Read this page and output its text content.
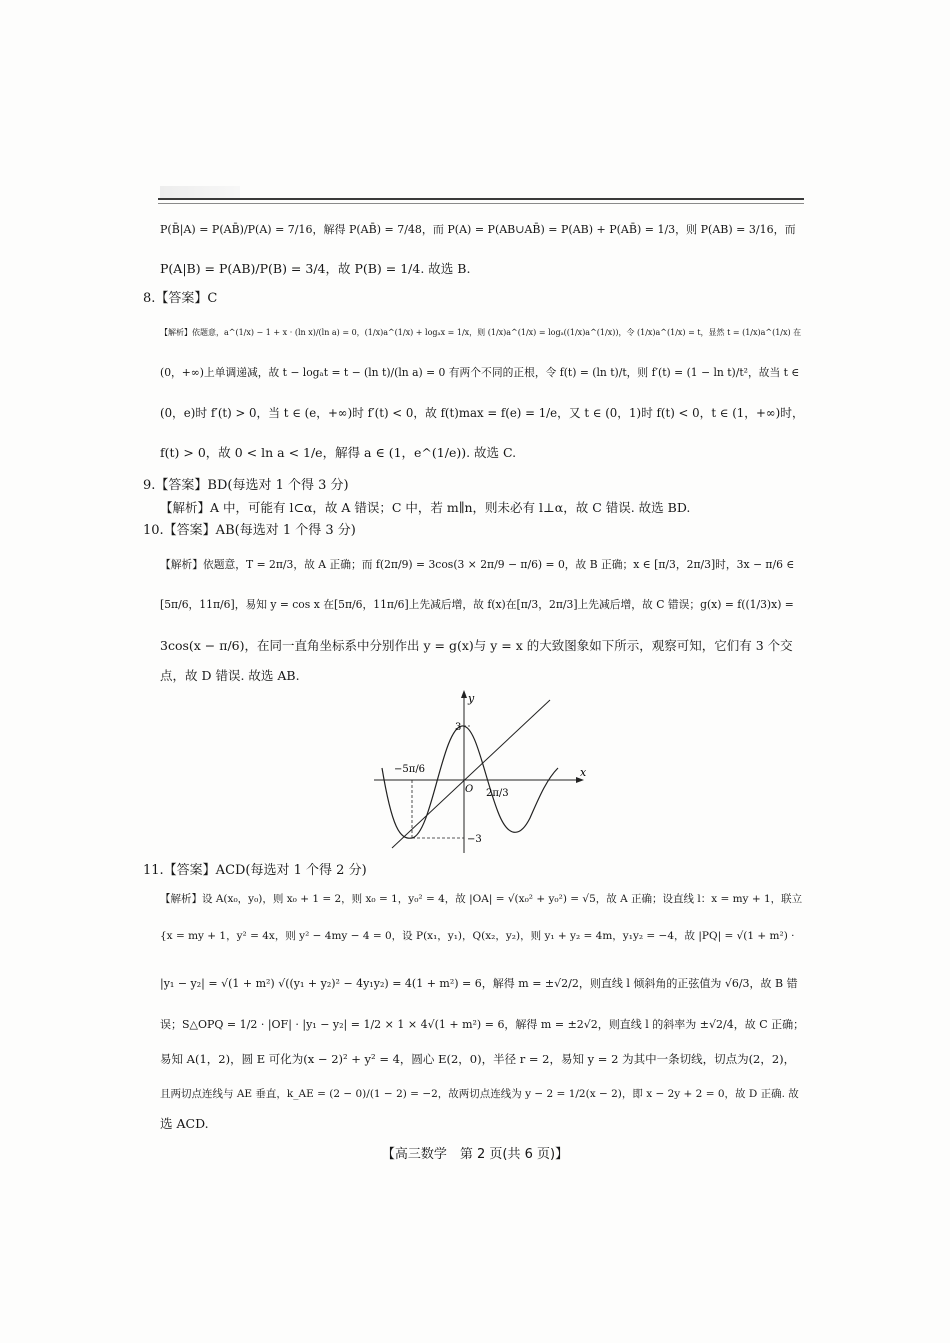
P(B̄|A) = P(AB̄)/P(A) = 7/16，解得 P(AB̄) = 7/48，而 P(A) = P(AB∪AB̄) = P(AB) + P(AB̄) = 1/3，则 P(AB) = 3/16，而
P(A|B) = P(AB)/P(B) = 3/4，故 P(B) = 1/4. 故选 B.
8.【答案】C
【解析】依题意，a^(1/x) − 1 + x · (ln x)/(ln a) = 0，(1/x)a^(1/x) + logₐx = 1/x，则 (1/x)a^(1/x) = logₐ((1/x)a^(1/x))，令 (1/x)a^(1/x) = t，显然 t = (1/x)a^(1/x) 在
(0，+∞)上单调递减，故 t − logₐt = t − (ln t)/(ln a) = 0 有两个不同的正根，令 f(t) = (ln t)/t，则 f′(t) = (1 − ln t)/t²，故当 t ∈
(0，e)时 f′(t) > 0，当 t ∈ (e，+∞)时 f′(t) < 0，故 f(t)max = f(e) = 1/e，又 t ∈ (0，1)时 f(t) < 0，t ∈ (1，+∞)时，
f(t) > 0，故 0 < ln a < 1/e，解得 a ∈ (1，e^(1/e)). 故选 C.
9.【答案】BD(每选对 1 个得 3 分)
【解析】A 中，可能有 l⊂α，故 A 错误；C 中，若 m∥n，则未必有 l⊥α，故 C 错误. 故选 BD.
10.【答案】AB(每选对 1 个得 3 分)
【解析】依题意，T = 2π/3，故 A 正确；而 f(2π/9) = 3cos(3 × 2π/9 − π/6) = 0，故 B 正确；x ∈ [π/3，2π/3]时，3x − π/6 ∈
[5π/6，11π/6]，易知 y = cos x 在[5π/6，11π/6]上先减后增，故 f(x)在[π/3，2π/3]上先减后增，故 C 错误；g(x) = f((1/3)x) =
3cos(x − π/6)，在同一直角坐标系中分别作出 y = g(x)与 y = x 的大致图象如下所示，观察可知，它们有 3 个交
点，故 D 错误. 故选 AB.
y
x
O
3
−3
−5π/6
2π/3
11.【答案】ACD(每选对 1 个得 2 分)
【解析】设 A(x₀，y₀)，则 x₀ + 1 = 2，则 x₀ = 1，y₀² = 4，故 |OA| = √(x₀² + y₀²) = √5，故 A 正确；设直线 l：x = my + 1，联立
{x = my + 1，y² = 4x，则 y² − 4my − 4 = 0，设 P(x₁，y₁)，Q(x₂，y₂)，则 y₁ + y₂ = 4m，y₁y₂ = −4，故 |PQ| = √(1 + m²) ·
|y₁ − y₂| = √(1 + m²) √((y₁ + y₂)² − 4y₁y₂) = 4(1 + m²) = 6，解得 m = ±√2/2，则直线 l 倾斜角的正弦值为 √6/3，故 B 错
误；S△OPQ = 1/2 · |OF| · |y₁ − y₂| = 1/2 × 1 × 4√(1 + m²) = 6，解得 m = ±2√2，则直线 l 的斜率为 ±√2/4，故 C 正确；
易知 A(1，2)，圆 E 可化为(x − 2)² + y² = 4，圆心 E(2，0)，半径 r = 2，易知 y = 2 为其中一条切线，切点为(2，2)，
且两切点连线与 AE 垂直，k_AE = (2 − 0)/(1 − 2) = −2，故两切点连线为 y − 2 = 1/2(x − 2)，即 x − 2y + 2 = 0，故 D 正确. 故
选 ACD.
【高三数学　第 2 页(共 6 页)】
